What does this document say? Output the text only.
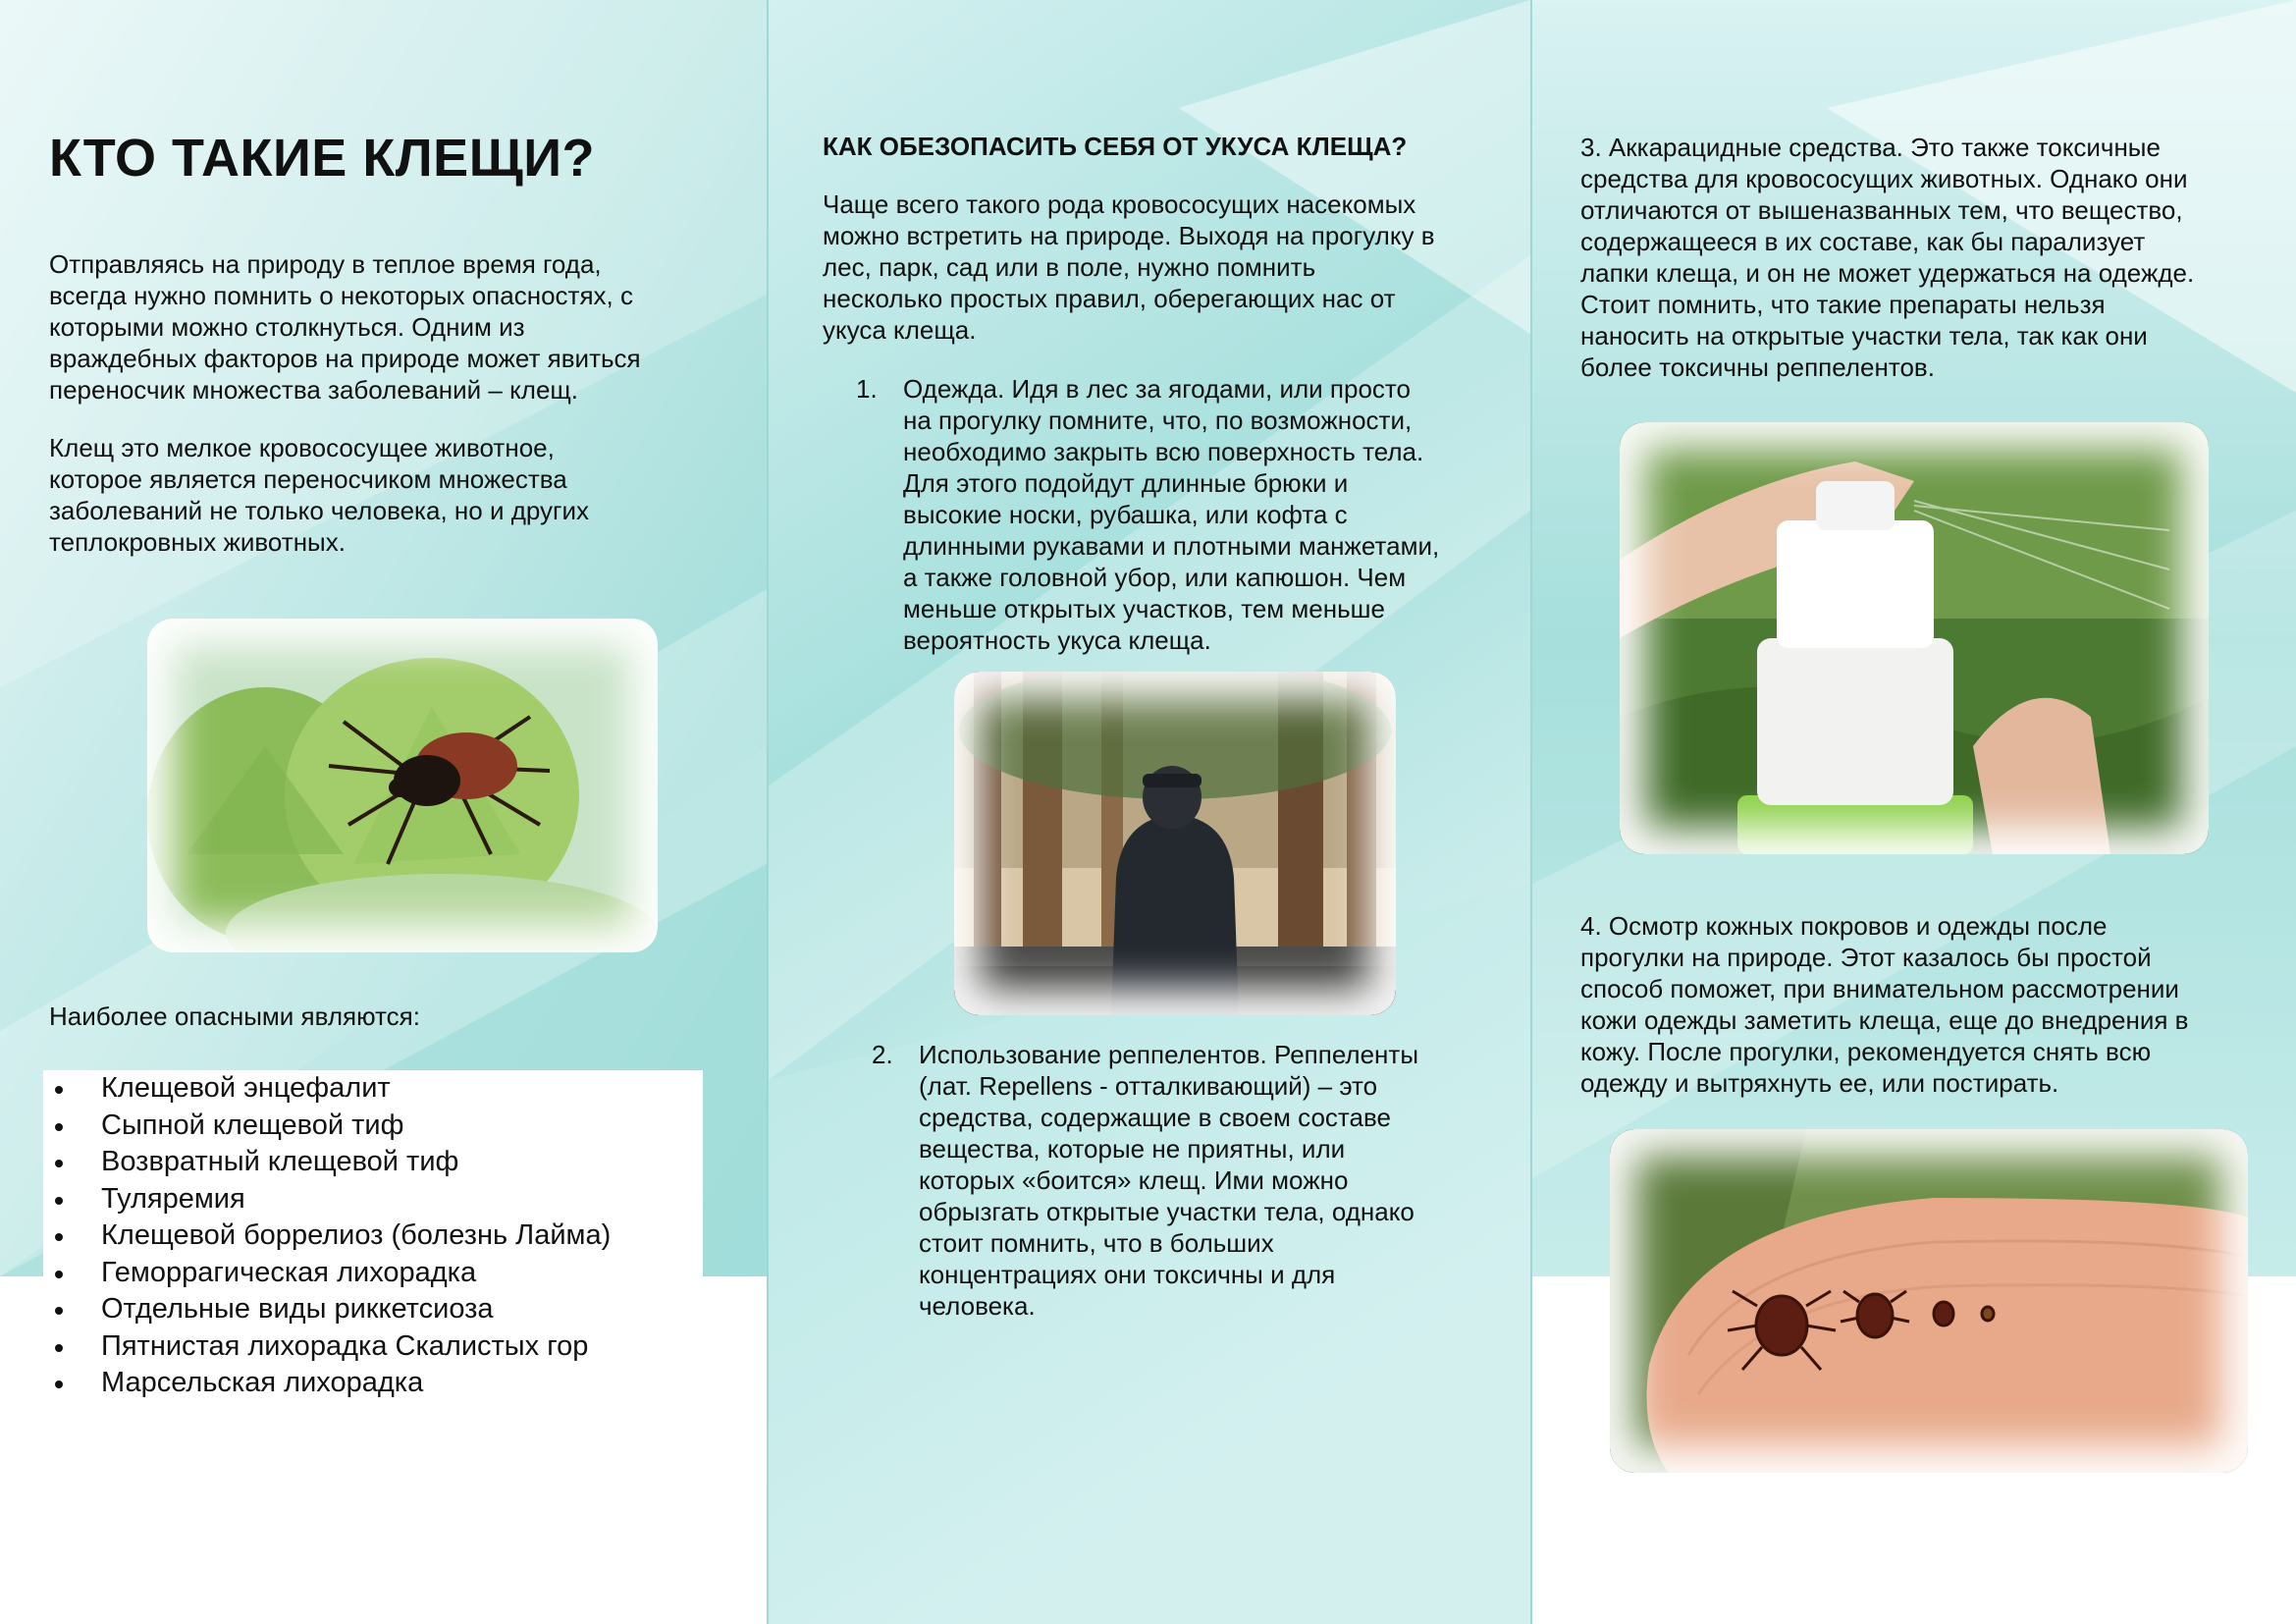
КТО ТАКИЕ КЛЕЩИ?

Отправляясь на природу в теплое время года,

всегда нужно помнить о некоторых опасностях, с

которыми можно столкнуться. Одним из

враждебных факторов на природе может явиться

переносчик множества заболеваний – клещ.

Клещ это мелкое кровососущее животное,

которое является переносчиком множества

заболеваний не только человека, но и других

теплокровных животных.

Наиболее опасными являются:
Клещевой энцефалит
Сыпной клещевой тиф
Возвратный клещевой тиф
Туляремия
Клещевой боррелиоз (болезнь Лайма)
Геморрагическая лихорадка
Отдельные виды риккетсиоза
Пятнистая лихорадка Скалистых гор
Марсельская лихорадка
КАК ОБЕЗОПАСИТЬ СЕБЯ ОТ УКУСА КЛЕЩА?

Чаще всего такого рода кровососущих насекомых

можно встретить на природе. Выходя на прогулку в

лес, парк, сад или в поле, нужно помнить

несколько простых правил, оберегающих нас от

укуса клеща.

1. Одежда. Идя в лес за ягодами, или просто

на прогулку помните, что, по возможности,

необходимо закрыть всю поверхность тела.

Для этого подойдут длинные брюки и

высокие носки, рубашка, или кофта с

длинными рукавами и плотными манжетами,

а также головной убор, или капюшон. Чем

меньше открытых участков, тем меньше

вероятность укуса клеща.

2. Использование реппелентов. Реппеленты

(лат. Repellens - отталкивающий) – это

средства, содержащие в своем составе

вещества, которые не приятны, или

которых «боится» клещ. Ими можно

обрызгать открытые участки тела, однако

стоит помнить, что в больших

концентрациях они токсичны и для

человека.

3. Аккарацидные средства. Это также токсичные

средства для кровососущих животных. Однако они

отличаются от вышеназванных тем, что вещество,

содержащееся в их составе, как бы парализует

лапки клеща, и он не может удержаться на одежде.

Стоит помнить, что такие препараты нельзя

наносить на открытые участки тела, так как они

более токсичны реппелентов.

4. Осмотр кожных покровов и одежды после

прогулки на природе. Этот казалось бы простой

способ поможет, при внимательном рассмотрении

кожи одежды заметить клеща, еще до внедрения в

кожу. После прогулки, рекомендуется снять всю

одежду и вытряхнуть ее, или постирать.
